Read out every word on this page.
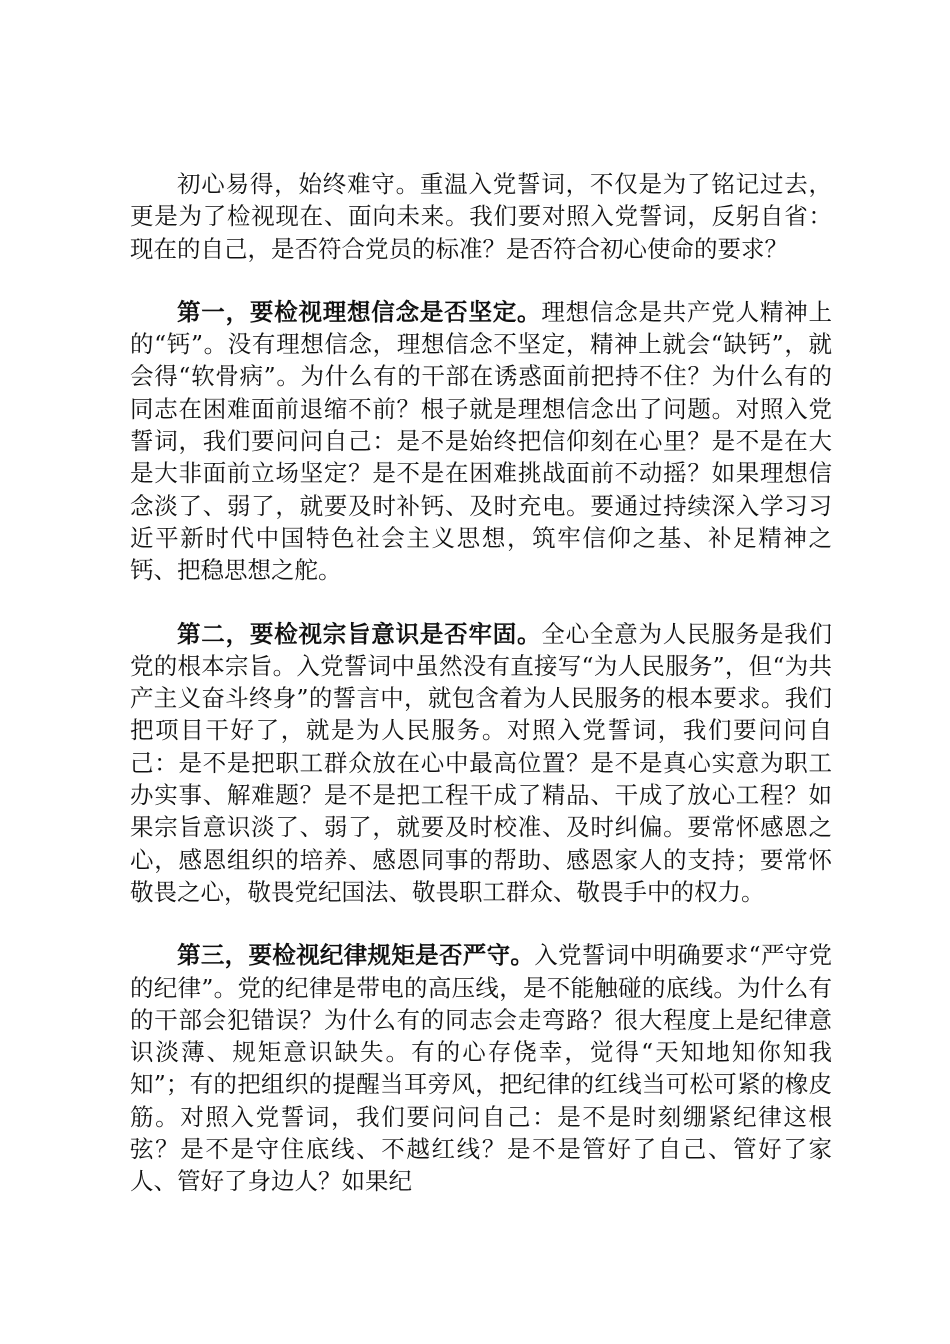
初心易得，始终难守。重温入党誓词，不仅是为了铭记过去，更是为了检视现在、面向未来。我们要对照入党誓词，反躬自省：现在的自己，是否符合党员的标准？是否符合初心使命的要求？

第一，要检视理想信念是否坚定。理想信念是共产党人精神上的“钙”。没有理想信念，理想信念不坚定，精神上就会“缺钙”，就会得“软骨病”。为什么有的干部在诱惑面前把持不住？为什么有的同志在困难面前退缩不前？根子就是理想信念出了问题。对照入党誓词，我们要问问自己：是不是始终把信仰刻在心里？是不是在大是大非面前立场坚定？是不是在困难挑战面前不动摇？如果理想信念淡了、弱了，就要及时补钙、及时充电。要通过持续深入学习习近平新时代中国特色社会主义思想，筑牢信仰之基、补足精神之钙、把稳思想之舵。

第二，要检视宗旨意识是否牢固。全心全意为人民服务是我们党的根本宗旨。入党誓词中虽然没有直接写“为人民服务”，但“为共产主义奋斗终身”的誓言中，就包含着为人民服务的根本要求。我们把项目干好了，就是为人民服务。对照入党誓词，我们要问问自己：是不是把职工群众放在心中最高位置？是不是真心实意为职工办实事、解难题？是不是把工程干成了精品、干成了放心工程？如果宗旨意识淡了、弱了，就要及时校准、及时纠偏。要常怀感恩之心，感恩组织的培养、感恩同事的帮助、感恩家人的支持；要常怀敬畏之心，敬畏党纪国法、敬畏职工群众、敬畏手中的权力。

第三，要检视纪律规矩是否严守。入党誓词中明确要求“严守党的纪律”。党的纪律是带电的高压线，是不能触碰的底线。为什么有的干部会犯错误？为什么有的同志会走弯路？很大程度上是纪律意识淡薄、规矩意识缺失。有的心存侥幸，觉得“天知地知你知我知”；有的把组织的提醒当耳旁风，把纪律的红线当可松可紧的橡皮筋。对照入党誓词，我们要问问自己：是不是时刻绷紧纪律这根弦？是不是守住底线、不越红线？是不是管好了自己、管好了家人、管好了身边人？如果纪
